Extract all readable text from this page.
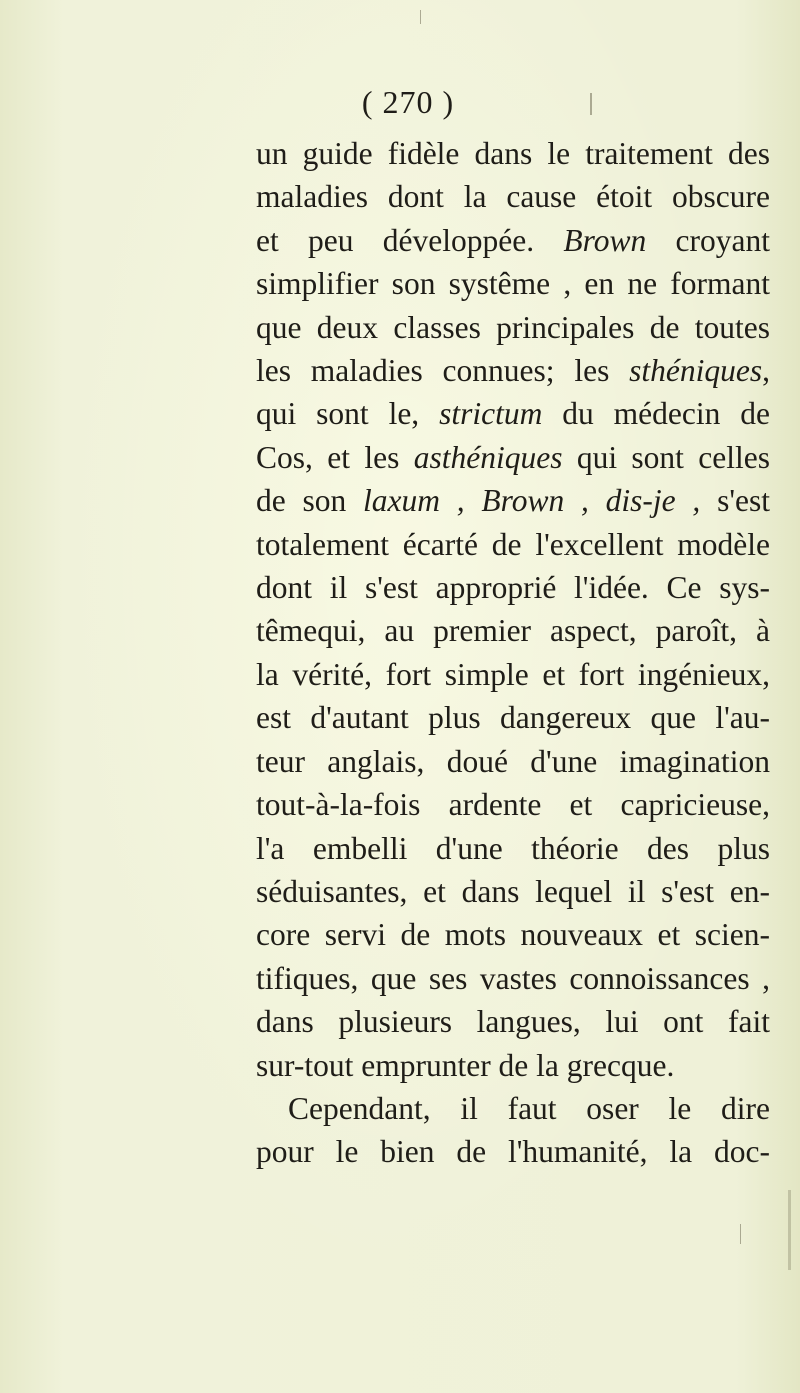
( 270 )
un guide fidèle dans le traitement des
maladies dont la cause étoit obscure
et peu développée. Brown croyant
simplifier son systême , en ne formant
que deux classes principales de toutes
les maladies connues; les sthéniques,
qui sont le, strictum du médecin de
Cos, et les asthéniques qui sont celles
de son laxum , Brown , dis-je , s'est
totalement écarté de l'excellent modèle
dont il s'est approprié l'idée. Ce sys-
têmequi, au premier aspect, paroît, à
la vérité, fort simple et fort ingénieux,
est d'autant plus dangereux que l'au-
teur anglais, doué d'une imagination
tout-à-la-fois ardente et capricieuse,
l'a embelli d'une théorie des plus
séduisantes, et dans lequel il s'est en-
core servi de mots nouveaux et scien-
tifiques, que ses vastes connoissances ,
dans plusieurs langues, lui ont fait
sur-tout emprunter de la grecque.
Cependant, il faut oser le dire
pour le bien de l'humanité, la doc-
